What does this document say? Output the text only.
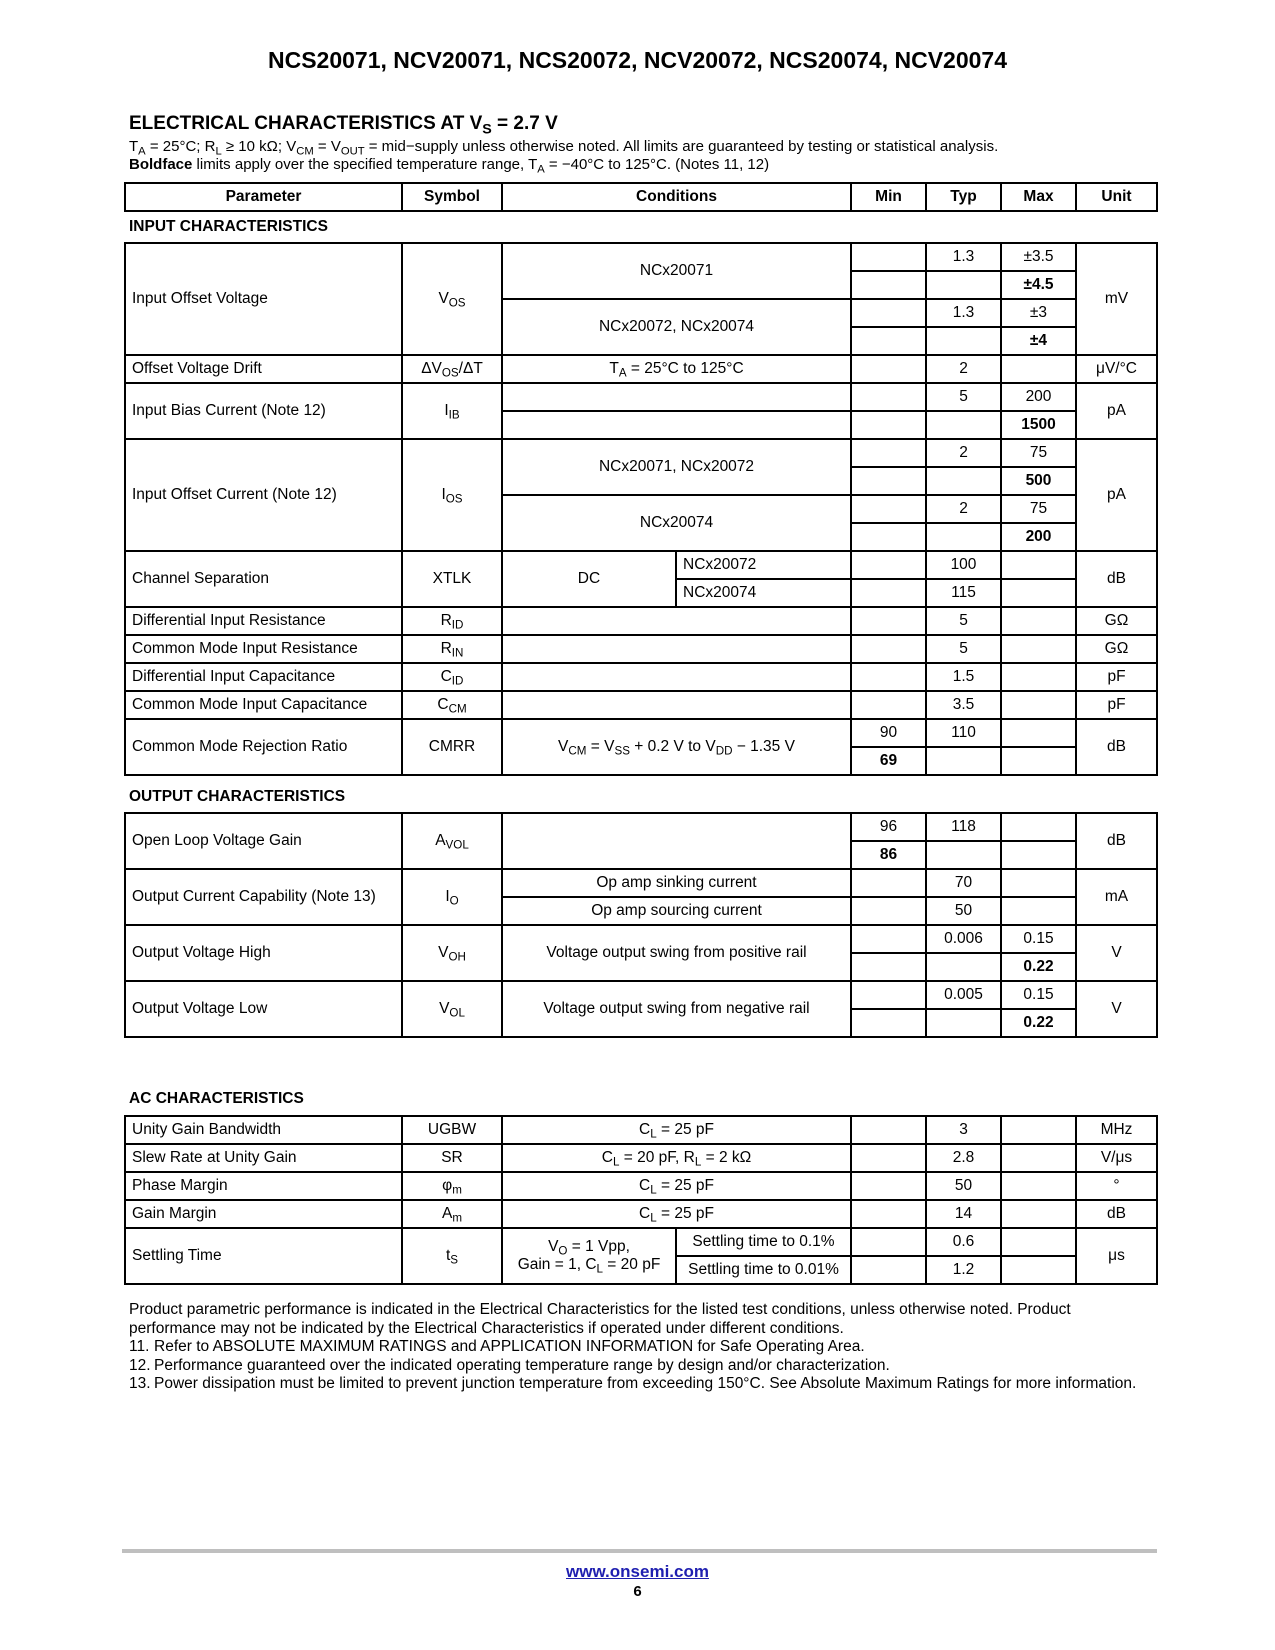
NCS20071, NCV20071, NCS20072, NCV20072, NCS20074, NCV20074
ELECTRICAL CHARACTERISTICS AT $V_S = 2.7$ V
$T_A = 25^\circ C$; $R_L \ge 10$ kΩ; $V_{CM} = V_{OUT}$ = mid−supply unless otherwise noted. All limits are guaranteed by testing or statistical analysis.
Boldface limits apply over the specified temperature range, $T_A = -40^\circ C$ to 125°C. (Notes 11, 12)
Parameter	Symbol	Conditions	Min	Typ	Max	Unit
INPUT CHARACTERISTICS
Input Offset Voltage	$V_{OS}$	NCx20071			1.3	±3.5	mV
						±4.5	
		NCx20072, NCx20074			1.3	±3	
						±4	
Offset Voltage Drift	$\Delta V_{OS}/\Delta T$	$T_A = 25^\circ C$ to 125°C			2		μV/°C
Input Bias Current (Note 12)	$I_{IB}$				5	200	pA
						1500	
Input Offset Current (Note 12)	$I_{OS}$	NCx20071, NCx20072			2	75	pA
						500	
		NCx20074			2	75	
						200	
Channel Separation	XTLK	DC	NCx20072		100		dB
			NCx20074		115		
Differential Input Resistance	$R_{ID}$				5		GΩ
Common Mode Input Resistance	$R_{IN}$				5		GΩ
Differential Input Capacitance	$C_{ID}$				1.5		pF
Common Mode Input Capacitance	$C_{CM}$				3.5		pF
Common Mode Rejection Ratio	CMRR	$V_{CM} = V_{SS} + 0.2$ V to $V_{DD} - 1.35$ V		90	110		dB
				69			
OUTPUT CHARACTERISTICS
Open Loop Voltage Gain	$A_{VOL}$		96	118		dB
			86			
Output Current Capability (Note 13)	$I_O$	Op amp sinking current		70		mA
		Op amp sourcing current		50		
Output Voltage High	$V_{OH}$	Voltage output swing from positive rail		0.006	0.15	V
					0.22	
Output Voltage Low	$V_{OL}$	Voltage output swing from negative rail		0.005	0.15	V
					0.22	
AC CHARACTERISTICS
Unity Gain Bandwidth	UGBW	$C_L = 25$ pF			3		MHz
Slew Rate at Unity Gain	SR	$C_L = 20$ pF, $R_L = 2$ kΩ			2.8		V/μs
Phase Margin	$\varphi_m$	$C_L = 25$ pF			50		°
Gain Margin	$A_m$	$C_L = 25$ pF			14		dB
Settling Time	$t_S$	$V_O = 1$ Vpp,
Gain = 1, $C_L = 20$ pF	Settling time to 0.1%		0.6		μs
			Settling time to 0.01%		1.2		
Product parametric performance is indicated in the Electrical Characteristics for the listed test conditions, unless otherwise noted. Product performance may not be indicated by the Electrical Characteristics if operated under different conditions.
11. Refer to ABSOLUTE MAXIMUM RATINGS and APPLICATION INFORMATION for Safe Operating Area.
12. Performance guaranteed over the indicated operating temperature range by design and/or characterization.
13. Power dissipation must be limited to prevent junction temperature from exceeding 150°C. See Absolute Maximum Ratings for more information.
www.onsemi.com
6
